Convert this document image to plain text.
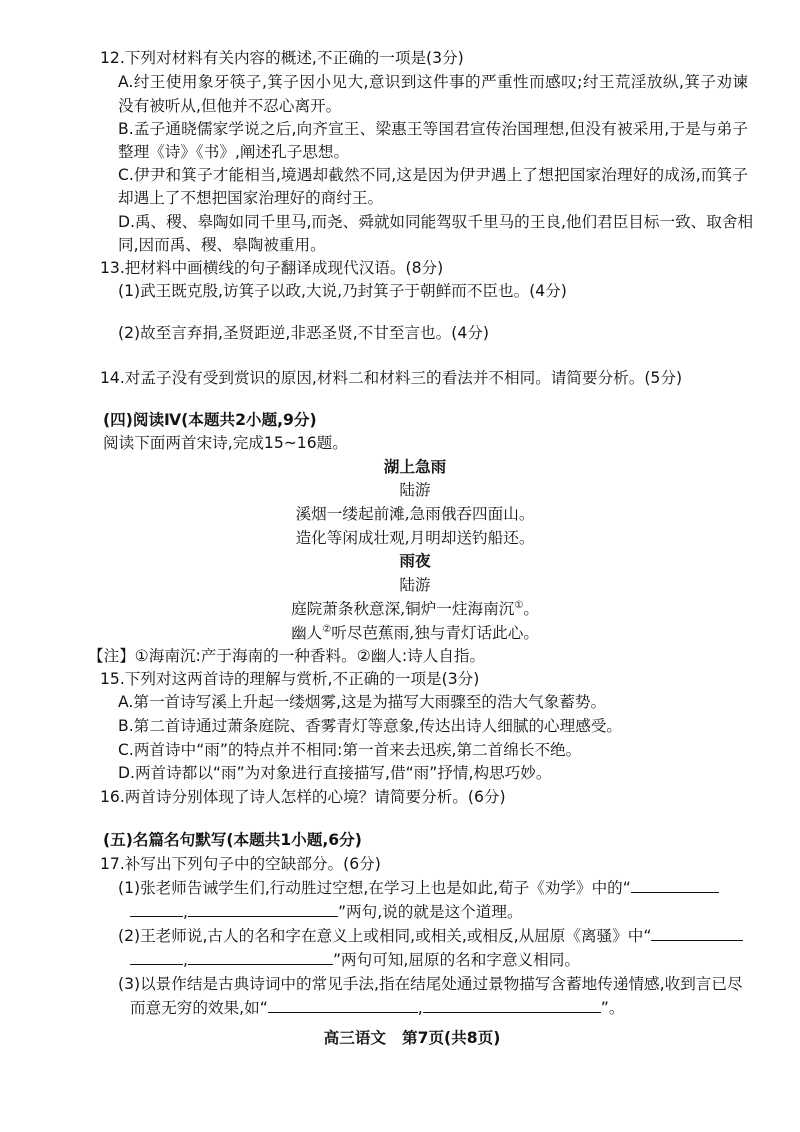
12.下列对材料有关内容的概述,不正确的一项是(3分)
A.纣王使用象牙筷子,箕子因小见大,意识到这件事的严重性而感叹;纣王荒淫放纵,箕子劝谏
没有被听从,但他并不忍心离开。
B.孟子通晓儒家学说之后,向齐宣王、梁惠王等国君宣传治国理想,但没有被采用,于是与弟子
整理《诗》《书》,阐述孔子思想。
C.伊尹和箕子才能相当,境遇却截然不同,这是因为伊尹遇上了想把国家治理好的成汤,而箕子
却遇上了不想把国家治理好的商纣王。
D.禹、稷、皋陶如同千里马,而尧、舜就如同能驾驭千里马的王良,他们君臣目标一致、取舍相
同,因而禹、稷、皋陶被重用。
13.把材料中画横线的句子翻译成现代汉语。(8分)
(1)武王既克殷,访箕子以政,大说,乃封箕子于朝鲜而不臣也。(4分)
(2)故至言弃捐,圣贤距逆,非恶圣贤,不甘至言也。(4分)
14.对孟子没有受到赏识的原因,材料二和材料三的看法并不相同。请简要分析。(5分)
(四)阅读Ⅳ(本题共2小题,9分)
阅读下面两首宋诗,完成15~16题。
湖上急雨
陆游
溪烟一缕起前滩,急雨俄吞四面山。
造化等闲成壮观,月明却送钓船还。
雨夜
陆游
庭院萧条秋意深,铜炉一炷海南沉①。
幽人②听尽芭蕉雨,独与青灯话此心。
【注】①海南沉:产于海南的一种香料。②幽人:诗人自指。
15.下列对这两首诗的理解与赏析,不正确的一项是(3分)
A.第一首诗写溪上升起一缕烟雾,这是为描写大雨骤至的浩大气象蓄势。
B.第二首诗通过萧条庭院、香雾青灯等意象,传达出诗人细腻的心理感受。
C.两首诗中“雨”的特点并不相同:第一首来去迅疾,第二首绵长不绝。
D.两首诗都以“雨”为对象进行直接描写,借“雨”抒情,构思巧妙。
16.两首诗分别体现了诗人怎样的心境？请简要分析。(6分)
(五)名篇名句默写(本题共1小题,6分)
17.补写出下列句子中的空缺部分。(6分)
(1)张老师告诫学生们,行动胜过空想,在学习上也是如此,荀子《劝学》中的“
,	”两句,说的就是这个道理。
(2)王老师说,古人的名和字在意义上或相同,或相关,或相反,从屈原《离骚》中“
,	”两句可知,屈原的名和字意义相同。
(3)以景作结是古典诗词中的常见手法,指在结尾处通过景物描写含蓄地传递情感,收到言已尽
而意无穷的效果,如“	,	”。
高三语文 第7页(共8页)
